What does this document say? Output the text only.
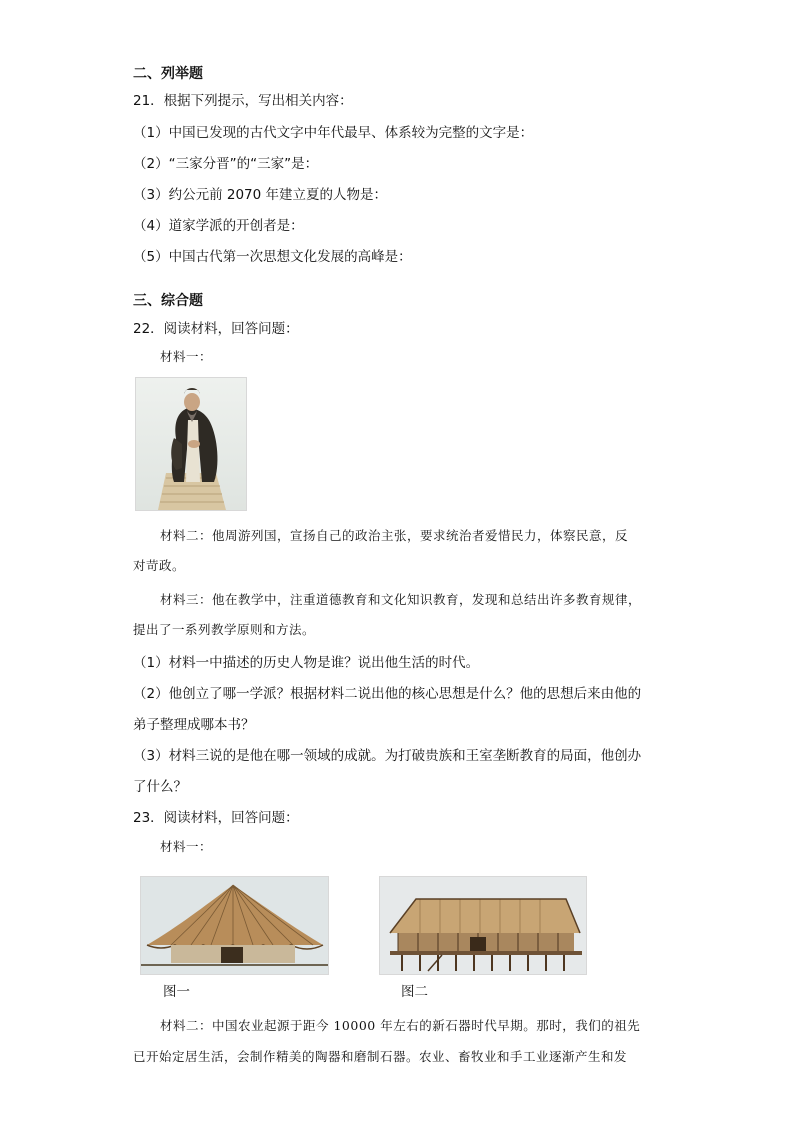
二、列举题
21．根据下列提示，写出相关内容：
（1）中国已发现的古代文字中年代最早、体系较为完整的文字是：
（2）“三家分晋”的“三家”是：
（3）约公元前 2070 年建立夏的人物是：
（4）道家学派的开创者是：
（5）中国古代第一次思想文化发展的高峰是：
三、综合题
22．阅读材料，回答问题：
材料一：
材料二：他周游列国，宣扬自己的政治主张，要求统治者爱惜民力，体察民意，反
对苛政。
材料三：他在教学中，注重道德教育和文化知识教育，发现和总结出许多教育规律，
提出了一系列教学原则和方法。
（1）材料一中描述的历史人物是谁？说出他生活的时代。
（2）他创立了哪一学派？根据材料二说出他的核心思想是什么？他的思想后来由他的
弟子整理成哪本书？
（3）材料三说的是他在哪一领域的成就。为打破贵族和王室垄断教育的局面，他创办
了什么？
23．阅读材料，回答问题：
材料一：
图一	图二
材料二：中国农业起源于距今 10000 年左右的新石器时代早期。那时，我们的祖先
已开始定居生活，会制作精美的陶器和磨制石器。农业、畜牧业和手工业逐渐产生和发
